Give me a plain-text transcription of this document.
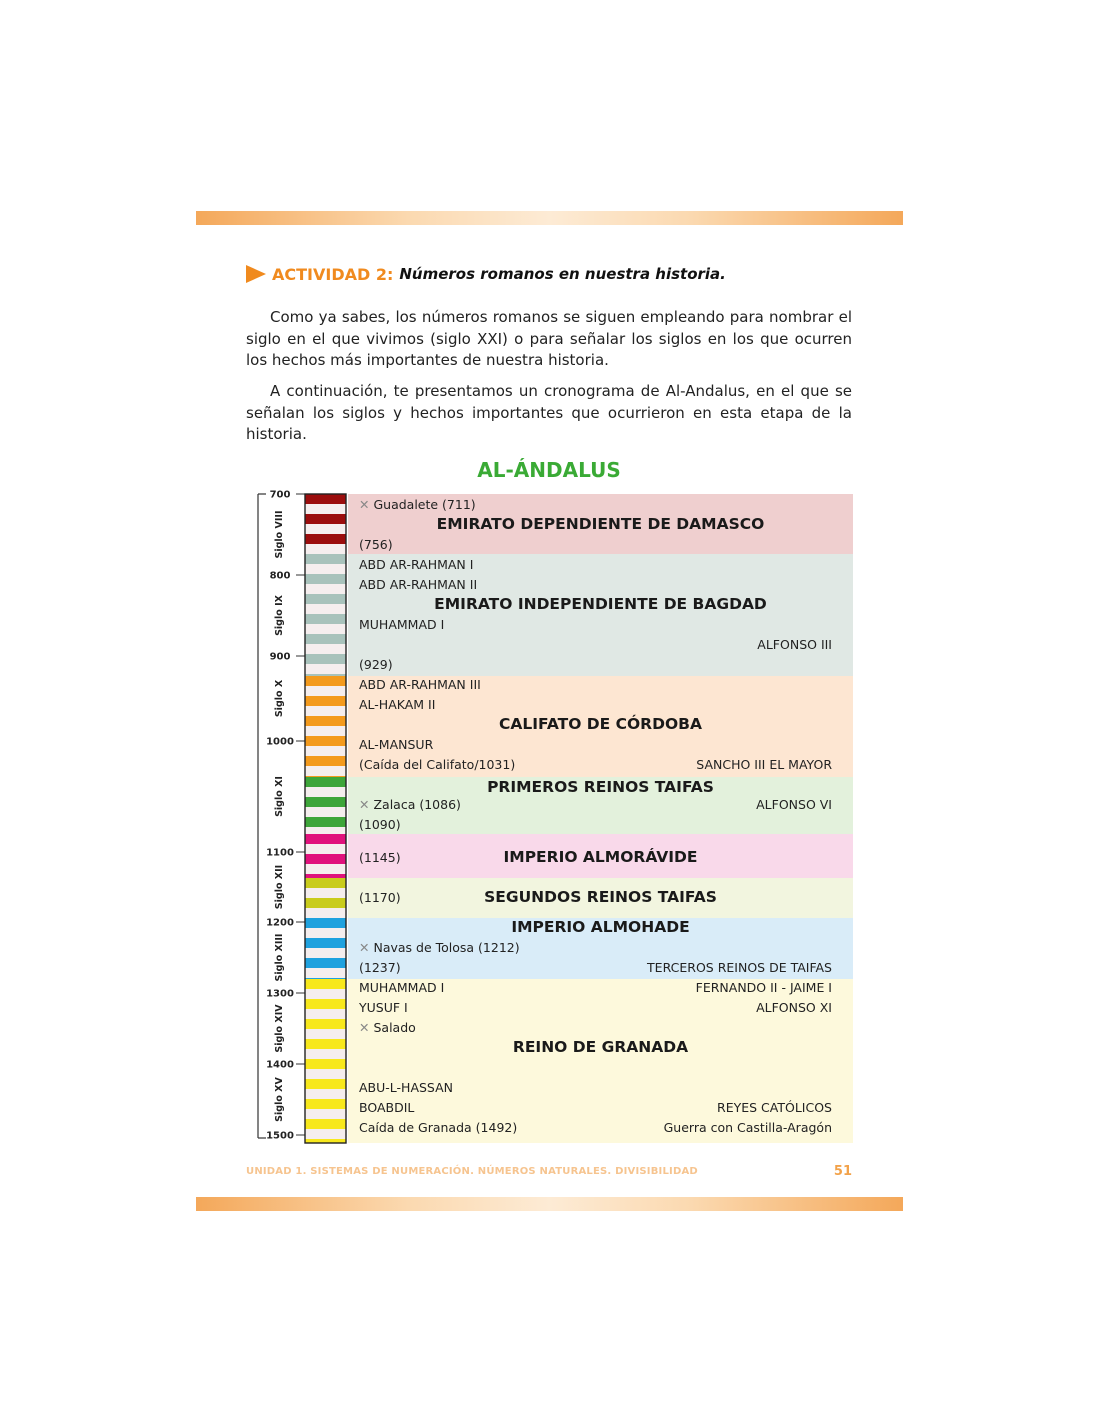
ACTIVIDAD 2: Números romanos en nuestra historia.

Como ya sabes, los números romanos se siguen empleando para nombrar el siglo en el que vivimos (siglo XXI) o para señalar los siglos en los que ocurren los hechos más importantes de nuestra historia.

A continuación, te presentamos un cronograma de Al-Andalus, en el que se señalan los siglos y hechos importantes que ocurrieron en esta etapa de la historia.

AL-ÁNDALUS
700
800
900
1000
1100
1200
1300
1400
1500
Siglo VIII
Siglo IX
Siglo X
Siglo XI
Siglo XII
Siglo XIII
Siglo XIV
Siglo XV
✕ Guadalete (711)
EMIRATO DEPENDIENTE DE DAMASCO
(756)
ABD AR-RAHMAN I
ABD AR-RAHMAN II
EMIRATO INDEPENDIENTE DE BAGDAD
MUHAMMAD I
ALFONSO III
(929)
ABD AR-RAHMAN III
AL-HAKAM II
CALIFATO DE CÓRDOBA
AL-MANSUR
(Caída del Califato/1031)	SANCHO III EL MAYOR
PRIMEROS REINOS TAIFAS
✕ Zalaca (1086)	ALFONSO VI
(1090)
(1145)	IMPERIO ALMORÁVIDE
(1170)	SEGUNDOS REINOS TAIFAS
IMPERIO ALMOHADE
✕ Navas de Tolosa (1212)
(1237)	TERCEROS REINOS DE TAIFAS
MUHAMMAD I	FERNANDO II - JAIME I
YUSUF I	ALFONSO XI
✕ Salado
REINO DE GRANADA
ABU-L-HASSAN
BOABDIL	REYES CATÓLICOS
Caída de Granada (1492)	Guerra con Castilla-Aragón
UNIDAD 1. SISTEMAS DE NUMERACIÓN. NÚMEROS NATURALES. DIVISIBILIDAD	51
